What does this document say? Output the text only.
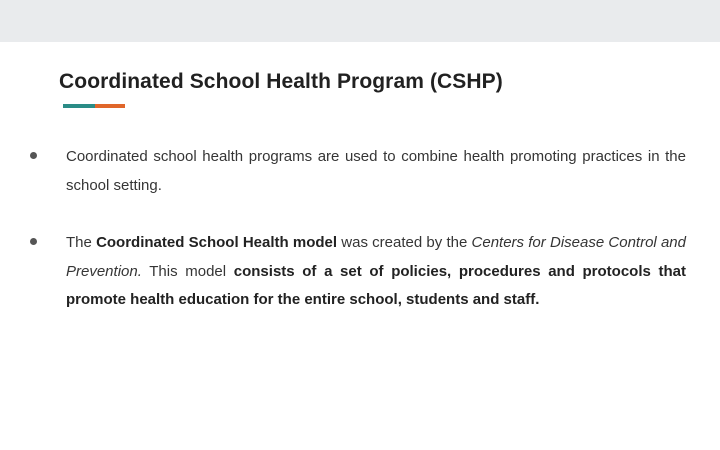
Coordinated School Health Program (CSHP)
Coordinated school health programs are used to combine health promoting practices in the school setting.
The Coordinated School Health model was created by the Centers for Disease Control and Prevention. This model consists of a set of policies, procedures and protocols that promote health education for the entire school, students and staff.
